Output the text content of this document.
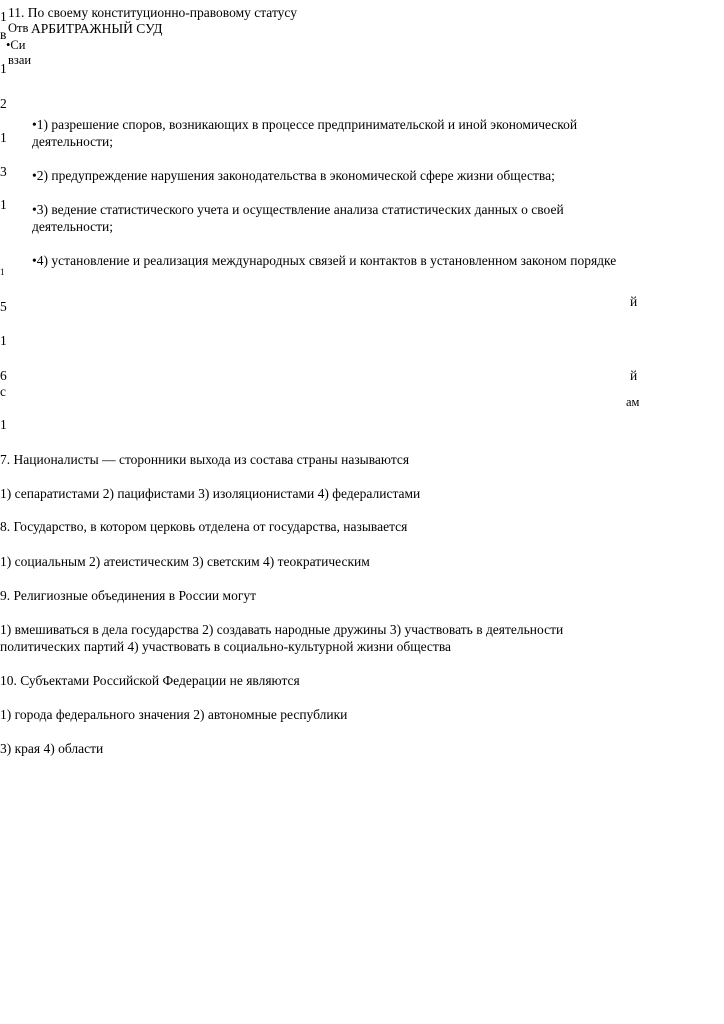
1
в
1
2
1
3
1
1
5
1
6
с
1
й
й
ам
11. По своему конституционно-правовому статусу
Отв АРБИТРАЖНЫЙ СУД
•Си
взаи
•1) разрешение споров, возникающих в процессе предпринимательской и иной экономической деятельности;
•2) предупреждение нарушения законодательства в экономической сфере жизни общества;
•3) ведение статистического учета и осуществление анализа статистических данных о своей деятельности;
•4) установление и реализация международных связей и контактов в установленном законом порядке
7. Националисты — сторонники выхода из состава страны называются
1) сепаратистами 2) пацифистами 3) изоляционистами 4) федералистами
8. Государство, в котором церковь отделена от государства, называется
1) социальным 2) атеистическим 3) светским 4) теократическим
9. Религиозные объединения в России могут
1) вмешиваться в дела государства 2) создавать народные дружины 3) участвовать в деятельности политических партий 4) участвовать в социально-культурной жизни общества
10. Субъектами Российской Федерации не являются
1) города федерального значения 2) автономные республики
3) края 4) области
